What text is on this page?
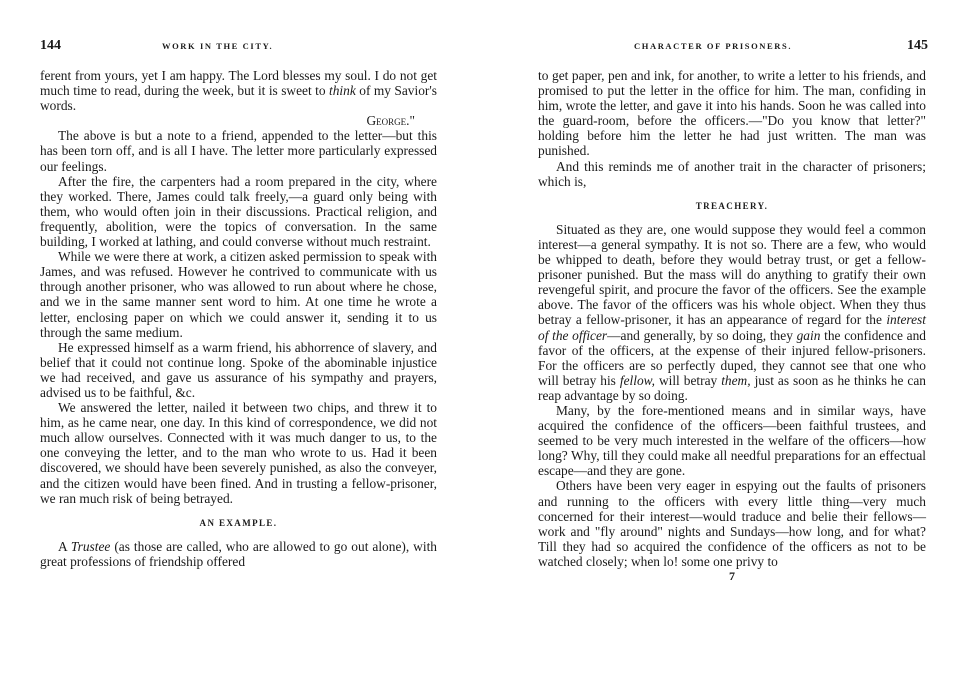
144	WORK IN THE CITY.

ferent from yours, yet I am happy. The Lord blesses my soul. I do not get much time to read, during the week, but it is sweet to think of my Savior's words.

George."

The above is but a note to a friend, appended to the letter—but this has been torn off, and is all I have. The letter more particularly expressed our feelings.

After the fire, the carpenters had a room prepared in the city, where they worked. There, James could talk freely,—a guard only being with them, who would often join in their discussions. Practical religion, and frequently, abolition, were the topics of conversation. In the same building, I worked at lathing, and could converse without much restraint.

While we were there at work, a citizen asked permission to speak with James, and was refused. However he contrived to communicate with us through another prisoner, who was allowed to run about where he chose, and we in the same manner sent word to him. At one time he wrote a letter, enclosing paper on which we could answer it, sending it to us through the same medium.

He expressed himself as a warm friend, his abhorrence of slavery, and belief that it could not continue long. Spoke of the abominable injustice we had received, and gave us assurance of his sympathy and prayers, advised us to be faithful, &c.

We answered the letter, nailed it between two chips, and threw it to him, as he came near, one day. In this kind of correspondence, we did not much allow ourselves. Connected with it was much danger to us, to the one conveying the letter, and to the man who wrote to us. Had it been discovered, we should have been severely punished, as also the conveyer, and the citizen would have been fined. And in trusting a fellow-prisoner, we ran much risk of being betrayed.

AN EXAMPLE.

A Trustee (as those are called, who are allowed to go out alone), with great professions of friendship offered

CHARACTER OF PRISONERS.	145

to get paper, pen and ink, for another, to write a letter to his friends, and promised to put the letter in the office for him. The man, confiding in him, wrote the letter, and gave it into his hands. Soon he was called into the guard-room, before the officers.—"Do you know that letter?" holding before him the letter he had just written. The man was punished.

And this reminds me of another trait in the character of prisoners; which is,

TREACHERY.

Situated as they are, one would suppose they would feel a common interest—a general sympathy. It is not so. There are a few, who would be whipped to death, before they would betray trust, or get a fellow-prisoner punished. But the mass will do anything to gratify their own revengeful spirit, and procure the favor of the officers. See the example above. The favor of the officers was his whole object. When they thus betray a fellow-prisoner, it has an appearance of regard for the interest of the officer—and generally, by so doing, they gain the confidence and favor of the officers, at the expense of their injured fellow-prisoners. For the officers are so perfectly duped, they cannot see that one who will betray his fellow, will betray them, just as soon as he thinks he can reap advantage by so doing.

Many, by the fore-mentioned means and in similar ways, have acquired the confidence of the officers—been faithful trustees, and seemed to be very much interested in the welfare of the officers—how long? Why, till they could make all needful preparations for an effectual escape—and they are gone.

Others have been very eager in espying out the faults of prisoners and running to the officers with every little thing—very much concerned for their interest—would traduce and belie their fellows—work and "fly around" nights and Sundays—how long, and for what? Till they had so acquired the confidence of the officers as not to be watched closely; when lo! some one privy to

7
